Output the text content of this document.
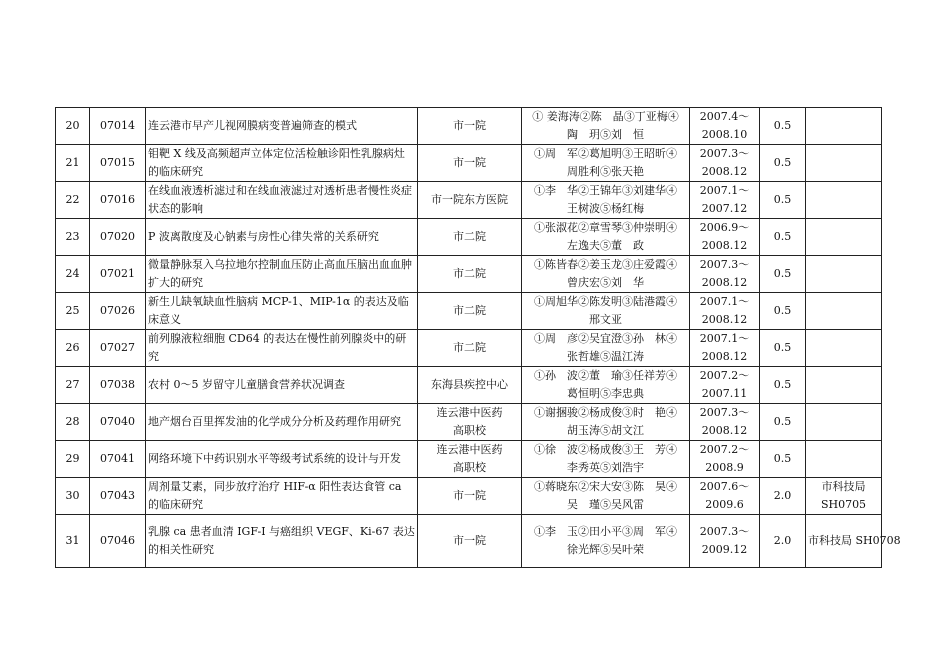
20	07014	连云港市早产儿视网膜病变普遍筛查的模式	市一院	① 姜海涛②陈　晶③丁亚梅④
陶　玥⑤刘　恒	2007.4～
2008.10	0.5	
21	07015	钼靶 X 线及高频超声立体定位活检触诊阳性乳腺病灶的临床研究	市一院	①周　军②葛旭明③王昭昕④
周胜利⑤张天艳	2007.3～
2008.12	0.5	
22	07016	在线血液透析滤过和在线血液滤过对透析患者慢性炎症状态的影响	市一院东方医院	①李　华②王锦年③刘建华④
王树波⑤杨红梅	2007.1～
2007.12	0.5	
23	07020	P 波离散度及心钠素与房性心律失常的关系研究	市二院	①张淑花②章雪琴③仲崇明④
左逸夫⑤董　政	2006.9～
2008.12	0.5	
24	07021	微量静脉泵入乌拉地尔控制血压防止高血压脑出血血肿扩大的研究	市二院	①陈皆春②姜玉龙③庄爱霞④
曾庆宏⑤刘　华	2007.3～
2008.12	0.5	
25	07026	新生儿缺氧缺血性脑病 MCP-1、MIP-1α 的表达及临床意义	市二院	①周旭华②陈发明③陆港霞④
邢文亚	2007.1～
2008.12	0.5	
26	07027	前列腺液粒细胞 CD64 的表达在慢性前列腺炎中的研究	市二院	①周　彦②吴宜澄③孙　林④
张哲雄⑤温江涛	2007.1～
2008.12	0.5	
27	07038	农村 0～5 岁留守儿童膳食营养状况调查	东海县疾控中心	①孙　波②董　瑜③任祥芳④
葛恒明⑤李忠典	2007.2～
2007.11	0.5	
28	07040	地产烟台百里挥发油的化学成分分析及药理作用研究	连云港中医药
高职校	①谢捆骏②杨成俊③时　艳④
胡玉涛⑤胡文江	2007.3～
2008.12	0.5	
29	07041	网络环境下中药识别水平等级考试系统的设计与开发	连云港中医药
高职校	①徐　波②杨成俊③王　芳④
李秀英⑤刘浩宇	2007.2～
2008.9	0.5	
30	07043	周剂量艾素，同步放疗治疗 HIF-α 阳性表达食管 ca 的临床研究	市一院	①蒋晓东②宋大安③陈　昊④
吴　瑾⑤吴风雷	2007.6～
2009.6	2.0	市科技局
SH0705

31	07046	乳腺 ca 患者血清 IGF-I 与癌组织 VEGF、Ki-67 表达的相关性研究	市一院	①李　玉②田小平③周　军④
徐光辉⑤吴叶荣	2007.3～
2009.12	2.0	市科技局 SH0708
